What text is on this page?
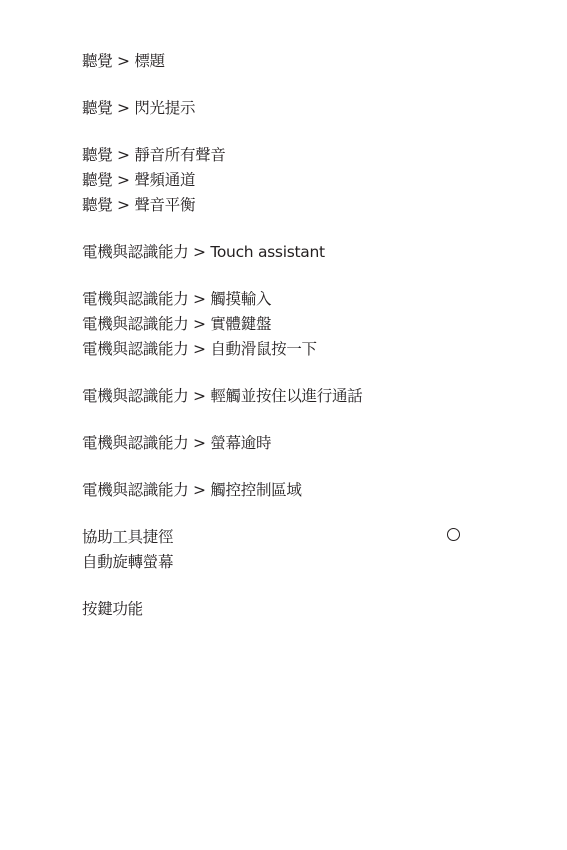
聽覺 > 標題
聽覺 > 閃光提示
聽覺 > 靜音所有聲音
聽覺 > 聲頻通道
聽覺 > 聲音平衡
電機與認識能力 > Touch assistant
電機與認識能力 > 觸摸輸入
電機與認識能力 > 實體鍵盤
電機與認識能力 > 自動滑鼠按一下
電機與認識能力 > 輕觸並按住以進行通話
電機與認識能力 > 螢幕逾時
電機與認識能力 > 觸控控制區域
協助工具捷徑
自動旋轉螢幕
按鍵功能
